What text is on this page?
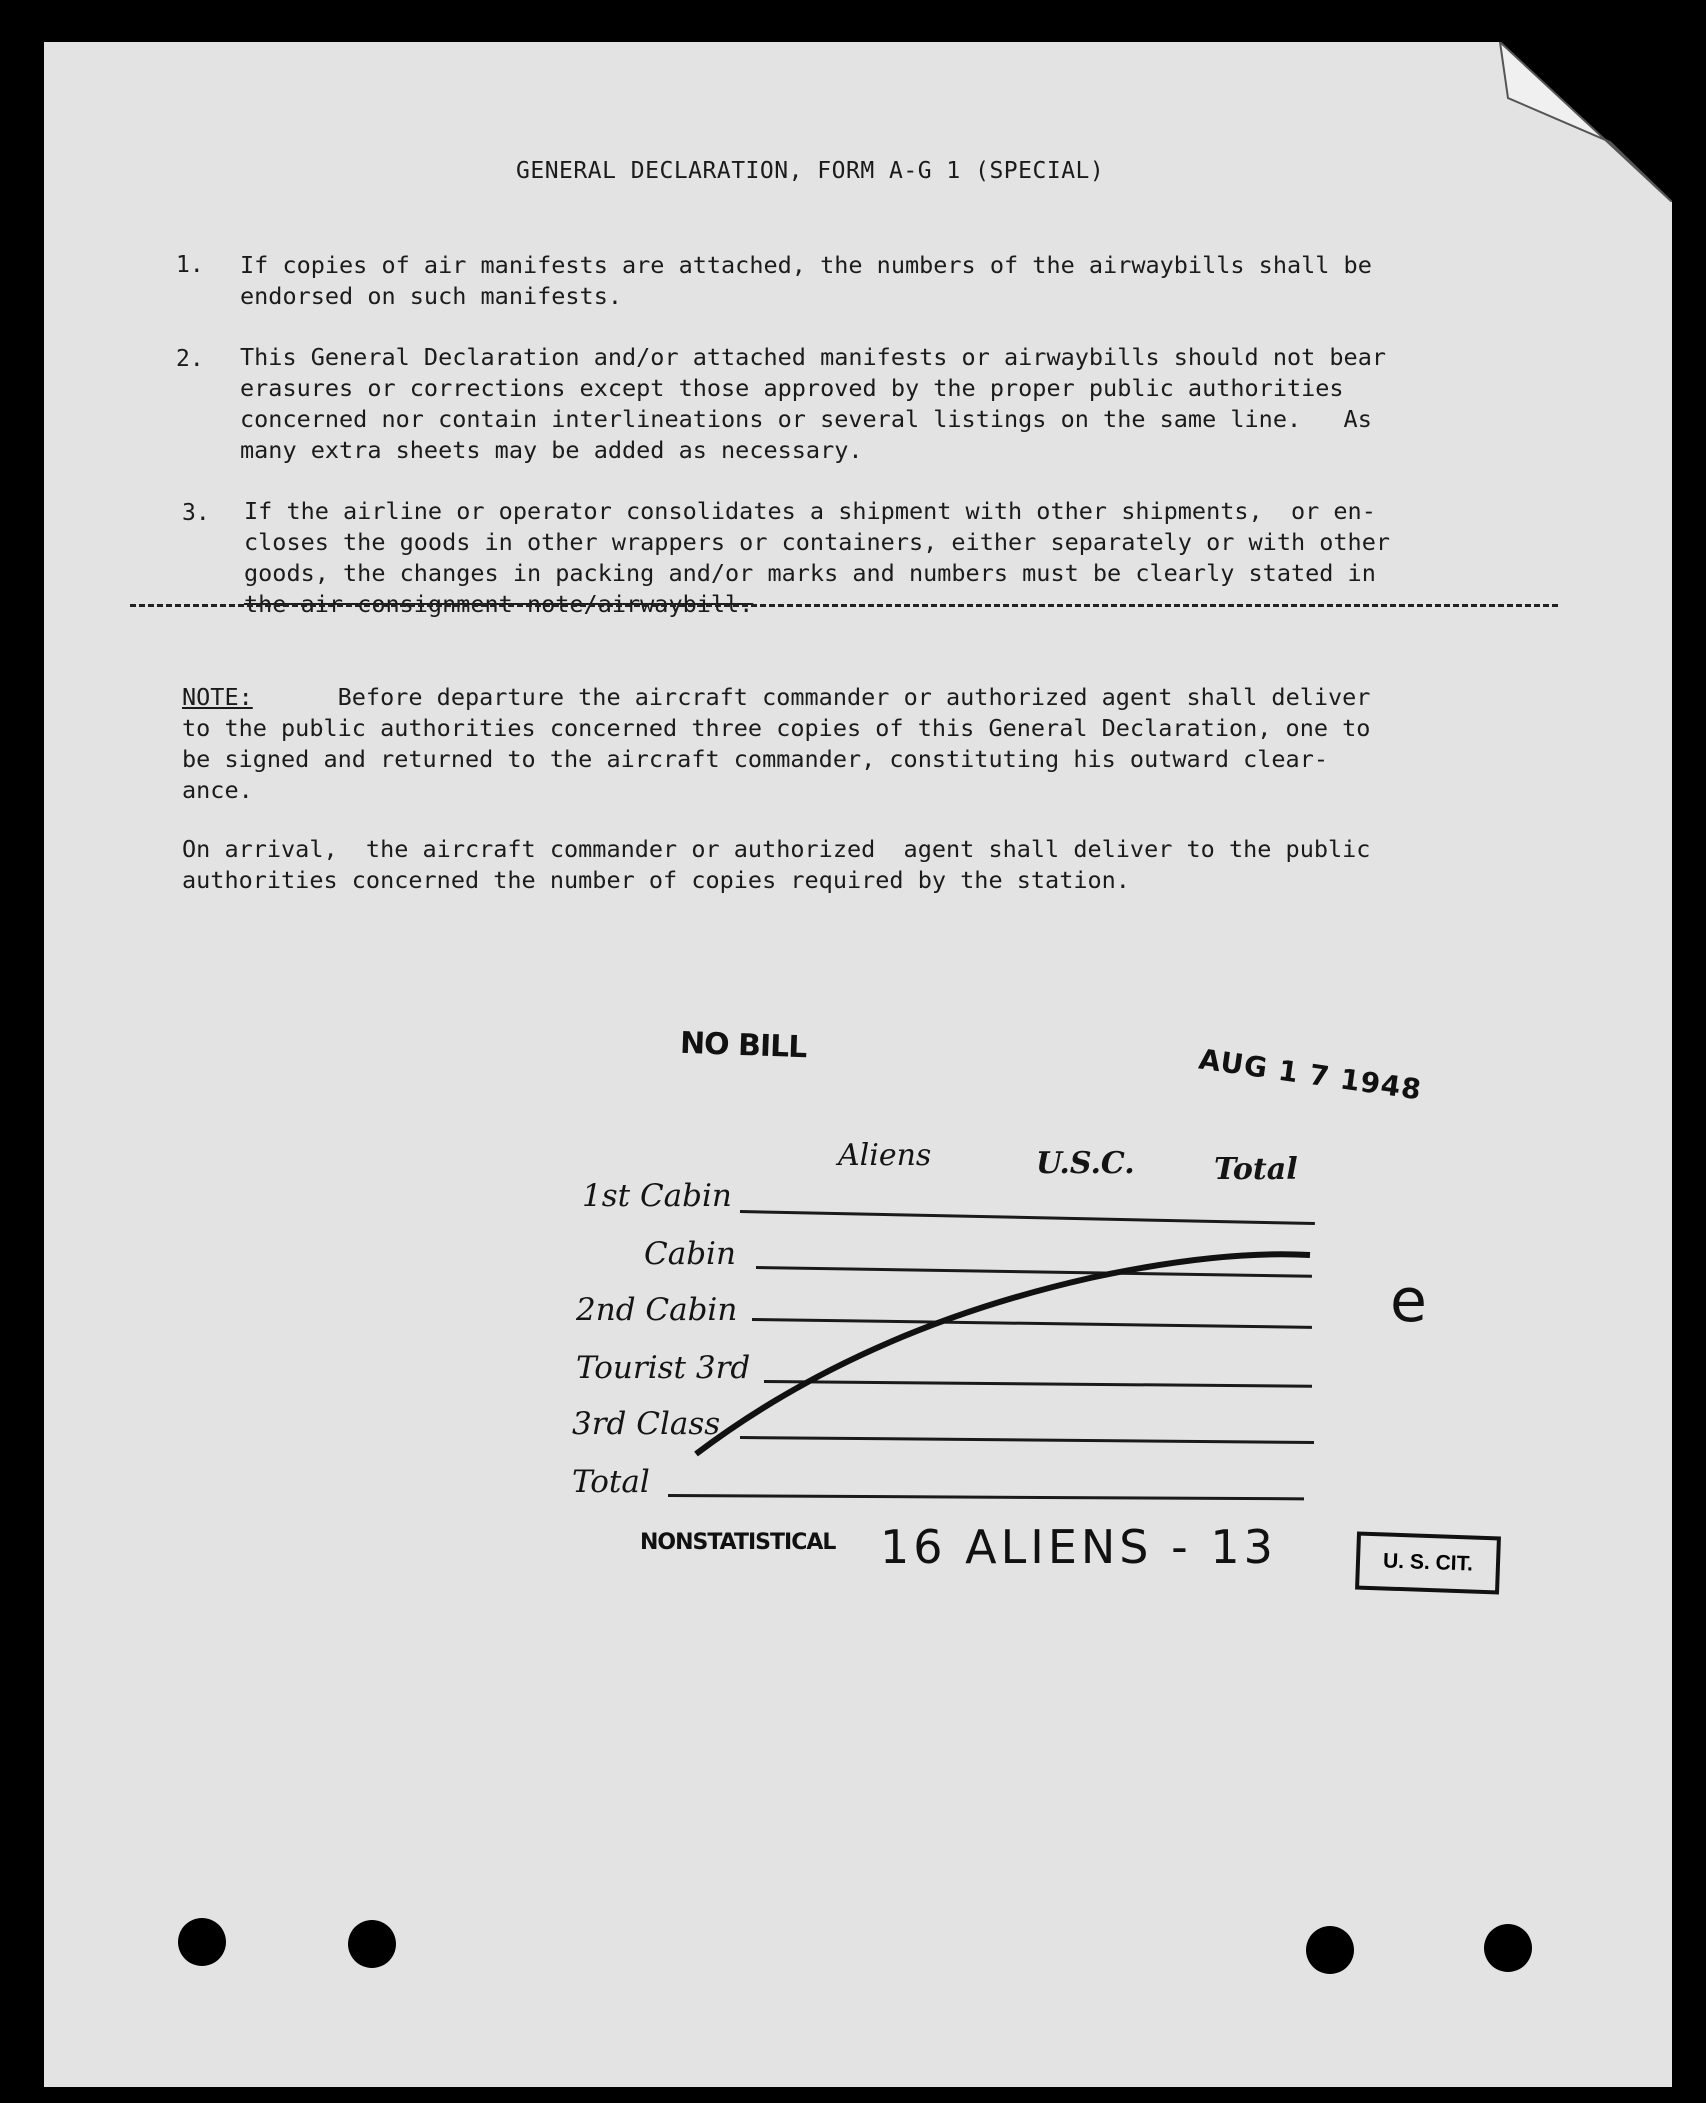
GENERAL DECLARATION, FORM A-G 1 (SPECIAL)
1. If copies of air manifests are attached, the numbers of the airwaybills shall be
endorsed on such manifests.
2. This General Declaration and/or attached manifests or airwaybills should not bear
erasures or corrections except those approved by the proper public authorities
concerned nor contain interlineations or several listings on the same line.   As
many extra sheets may be added as necessary.
3. If the airline or operator consolidates a shipment with other shipments,  or en-
closes the goods in other wrappers or containers, either separately or with other
goods, the changes in packing and/or marks and numbers must be clearly stated in
the air consignment note/airwaybill.
NOTE:      Before departure the aircraft commander or authorized agent shall deliver
to the public authorities concerned three copies of this General Declaration, one to
be signed and returned to the aircraft commander, constituting his outward clear-
ance.
On arrival,  the aircraft commander or authorized  agent shall deliver to the public
authorities concerned the number of copies required by the station.
NO BILL	AUG 1 7 1948
Aliens	U.S.C.	Total
1st Cabin
Cabin
2nd Cabin
Tourist 3rd
3rd Class
Total
e
NONSTATISTICAL 16 ALIENS - 13	U. S. CIT.
